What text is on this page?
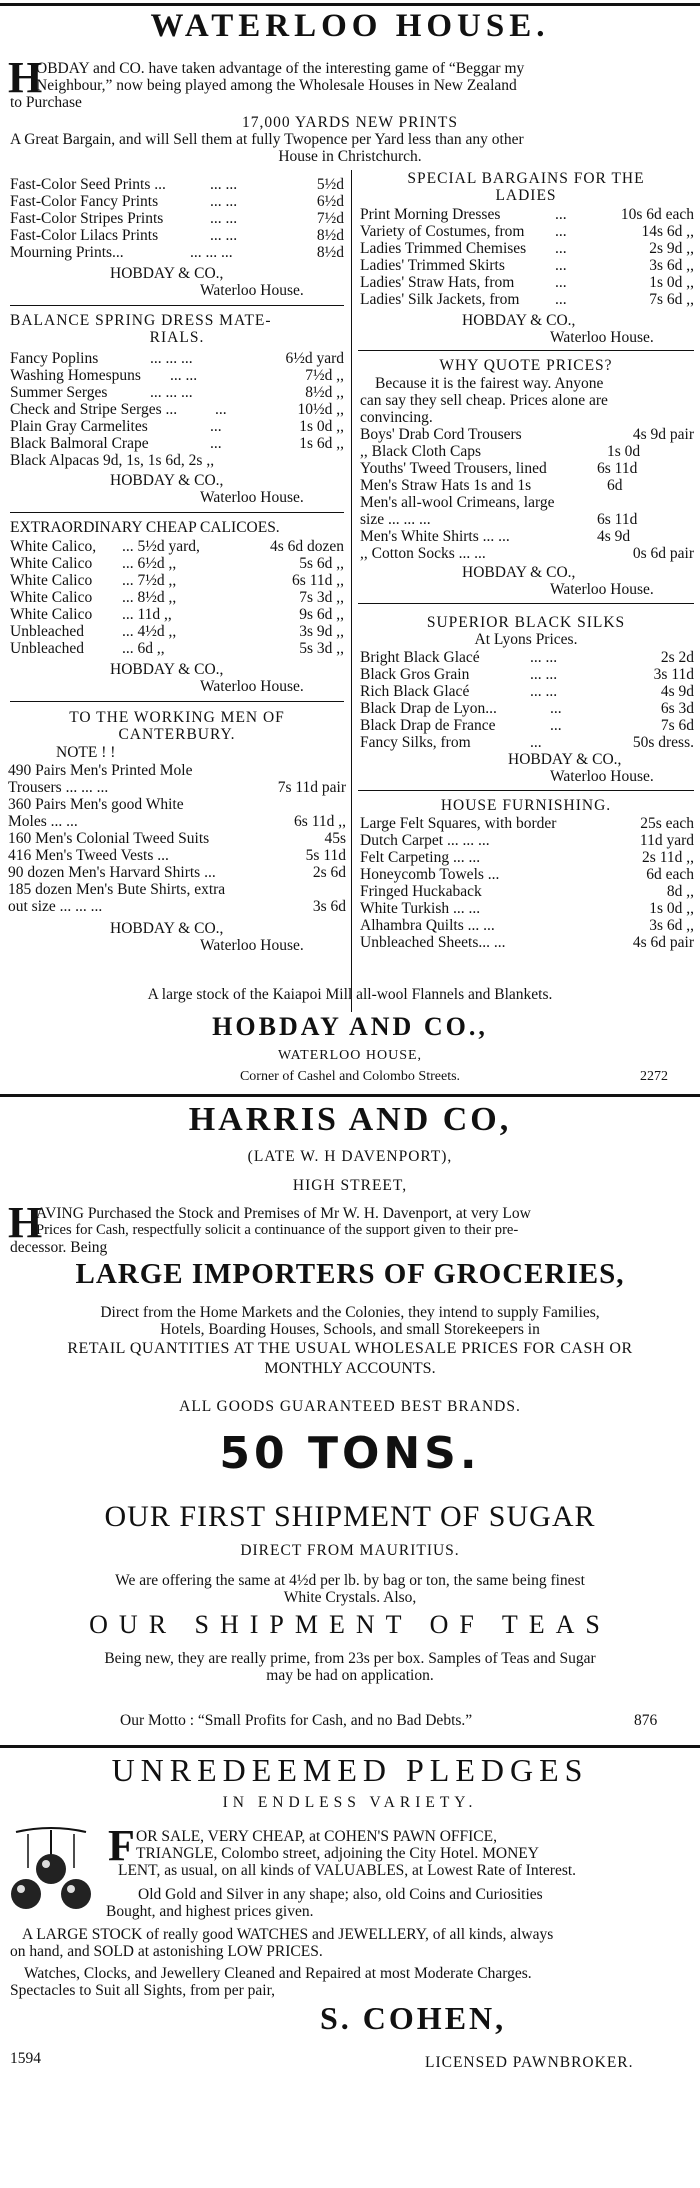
WATERLOO HOUSE.
H
OBDAY and CO. have taken advantage of the interesting game of “Beggar my
Neighbour,” now being played among the Wholesale Houses in New Zealand
to Purchase
17,000 YARDS NEW PRINTS
A Great Bargain, and will Sell them at fully Twopence per Yard less than any other
House in Christchurch.
Fast-Color Seed Prints ...	... ...	5½d
Fast-Color Fancy Prints	... ...	6½d
Fast-Color Stripes Prints	... ...	7½d
Fast-Color Lilacs Prints	... ...	8½d
Mourning Prints...	... ... ...	8½d
HOBDAY & CO.,
Waterloo House.
BALANCE SPRING DRESS MATE-
RIALS.
Fancy Poplins	... ... ...	6½d yard
Washing Homespuns ... ...	7½d ,,
Summer Serges	... ... ...	8½d ,,
Check and Stripe Serges ... ...	10½d ,,
Plain Gray Carmelites	...	1s 0d ,,
Black Balmoral Crape	...	1s 6d ,,
Black Alpacas 9d, 1s, 1s 6d, 2s ,,
HOBDAY & CO.,
Waterloo House.
EXTRAORDINARY CHEAP CALICOES.
White Calico, ... 5½d yard,	4s 6d dozen
White Calico ... 6½d ,,	5s 6d ,,
White Calico ... 7½d ,,	6s 11d ,,
White Calico ... 8½d ,,	7s 3d ,,
White Calico ... 11d ,,	9s 6d ,,
Unbleached ... 4½d ,,	3s 9d ,,
Unbleached ... 6d ,,	5s 3d ,,
HOBDAY & CO.,
Waterloo House.
TO THE WORKING MEN OF
CANTERBURY.
NOTE ! !
490 Pairs Men's Printed Mole
Trousers ... ... ...	7s 11d pair
360 Pairs Men's good White
Moles ... ...	6s 11d ,,
160 Men's Colonial Tweed Suits	45s
416 Men's Tweed Vests ...	5s 11d
90 dozen Men's Harvard Shirts ...	2s 6d
185 dozen Men's Bute Shirts, extra
out size ... ... ...	3s 6d
HOBDAY & CO.,
Waterloo House.
SPECIAL BARGAINS FOR THE
LADIES
Print Morning Dresses	...	10s 6d each
Variety of Costumes, from ...	14s 6d ,,
Ladies Trimmed Chemises ...	2s 9d ,,
Ladies' Trimmed Skirts	...	3s 6d ,,
Ladies' Straw Hats, from	...	1s 0d ,,
Ladies' Silk Jackets, from ...	7s 6d ,,
HOBDAY & CO.,
Waterloo House.
WHY QUOTE PRICES?
Because it is the fairest way. Anyone
can say they sell cheap. Prices alone are
convincing.
Boys' Drab Cord Trousers	4s 9d pair
,, Black Cloth Caps	1s 0d
Youths' Tweed Trousers, lined	6s 11d
Men's Straw Hats 1s and 1s	6d
Men's all-wool Crimeans, large
size ... ... ...	6s 11d
Men's White Shirts ... ...	4s 9d
,, Cotton Socks ... ...	0s 6d pair
HOBDAY & CO.,
Waterloo House.
SUPERIOR BLACK SILKS
At Lyons Prices.
Bright Black Glacé	... ...	2s 2d
Black Gros Grain	... ...	3s 11d
Rich Black Glacé	... ...	4s 9d
Black Drap de Lyon...	...	6s 3d
Black Drap de France	...	7s 6d
Fancy Silks, from	...	50s dress.
HOBDAY & CO.,
Waterloo House.
HOUSE FURNISHING.
Large Felt Squares, with border	25s each
Dutch Carpet ... ... ...	11d yard
Felt Carpeting ... ...	2s 11d ,,
Honeycomb Towels ...	6d each
Fringed Huckaback	8d ,,
White Turkish ... ...	1s 0d ,,
Alhambra Quilts ... ...	3s 6d ,,
Unbleached Sheets... ...	4s 6d pair
A large stock of the Kaiapoi Mill all-wool Flannels and Blankets.
HOBDAY AND CO.,
WATERLOO HOUSE,
Corner of Cashel and Colombo Streets.	2272
HARRIS AND CO,
(LATE W. H DAVENPORT),
HIGH STREET,
H
AVING Purchased the Stock and Premises of Mr W. H. Davenport, at very Low
Prices for Cash, respectfully solicit a continuance of the support given to their pre-
decessor. Being
LARGE IMPORTERS OF GROCERIES,
Direct from the Home Markets and the Colonies, they intend to supply Families,
Hotels, Boarding Houses, Schools, and small Storekeepers in
RETAIL QUANTITIES AT THE USUAL WHOLESALE PRICES FOR CASH OR
MONTHLY ACCOUNTS.
ALL GOODS GUARANTEED BEST BRANDS.
50 TONS.
OUR FIRST SHIPMENT OF SUGAR
DIRECT FROM MAURITIUS.
We are offering the same at 4½d per lb. by bag or ton, the same being finest
White Crystals. Also,
OUR SHIPMENT OF TEAS
Being new, they are really prime, from 23s per box. Samples of Teas and Sugar
may be had on application.
Our Motto : “Small Profits for Cash, and no Bad Debts.”	876
UNREDEEMED PLEDGES
IN ENDLESS VARIETY.
F OR SALE, VERY CHEAP, at COHEN'S PAWN OFFICE,
TRIANGLE, Colombo street, adjoining the City Hotel. MONEY
LENT, as usual, on all kinds of VALUABLES, at Lowest Rate of Interest.
Old Gold and Silver in any shape; also, old Coins and Curiosities
Bought, and highest prices given.
A LARGE STOCK of really good WATCHES and JEWELLERY, of all kinds, always
on hand, and SOLD at astonishing LOW PRICES.
Watches, Clocks, and Jewellery Cleaned and Repaired at most Moderate Charges.
Spectacles to Suit all Sights, from per pair,
S. COHEN,
1594	LICENSED PAWNBROKER.
